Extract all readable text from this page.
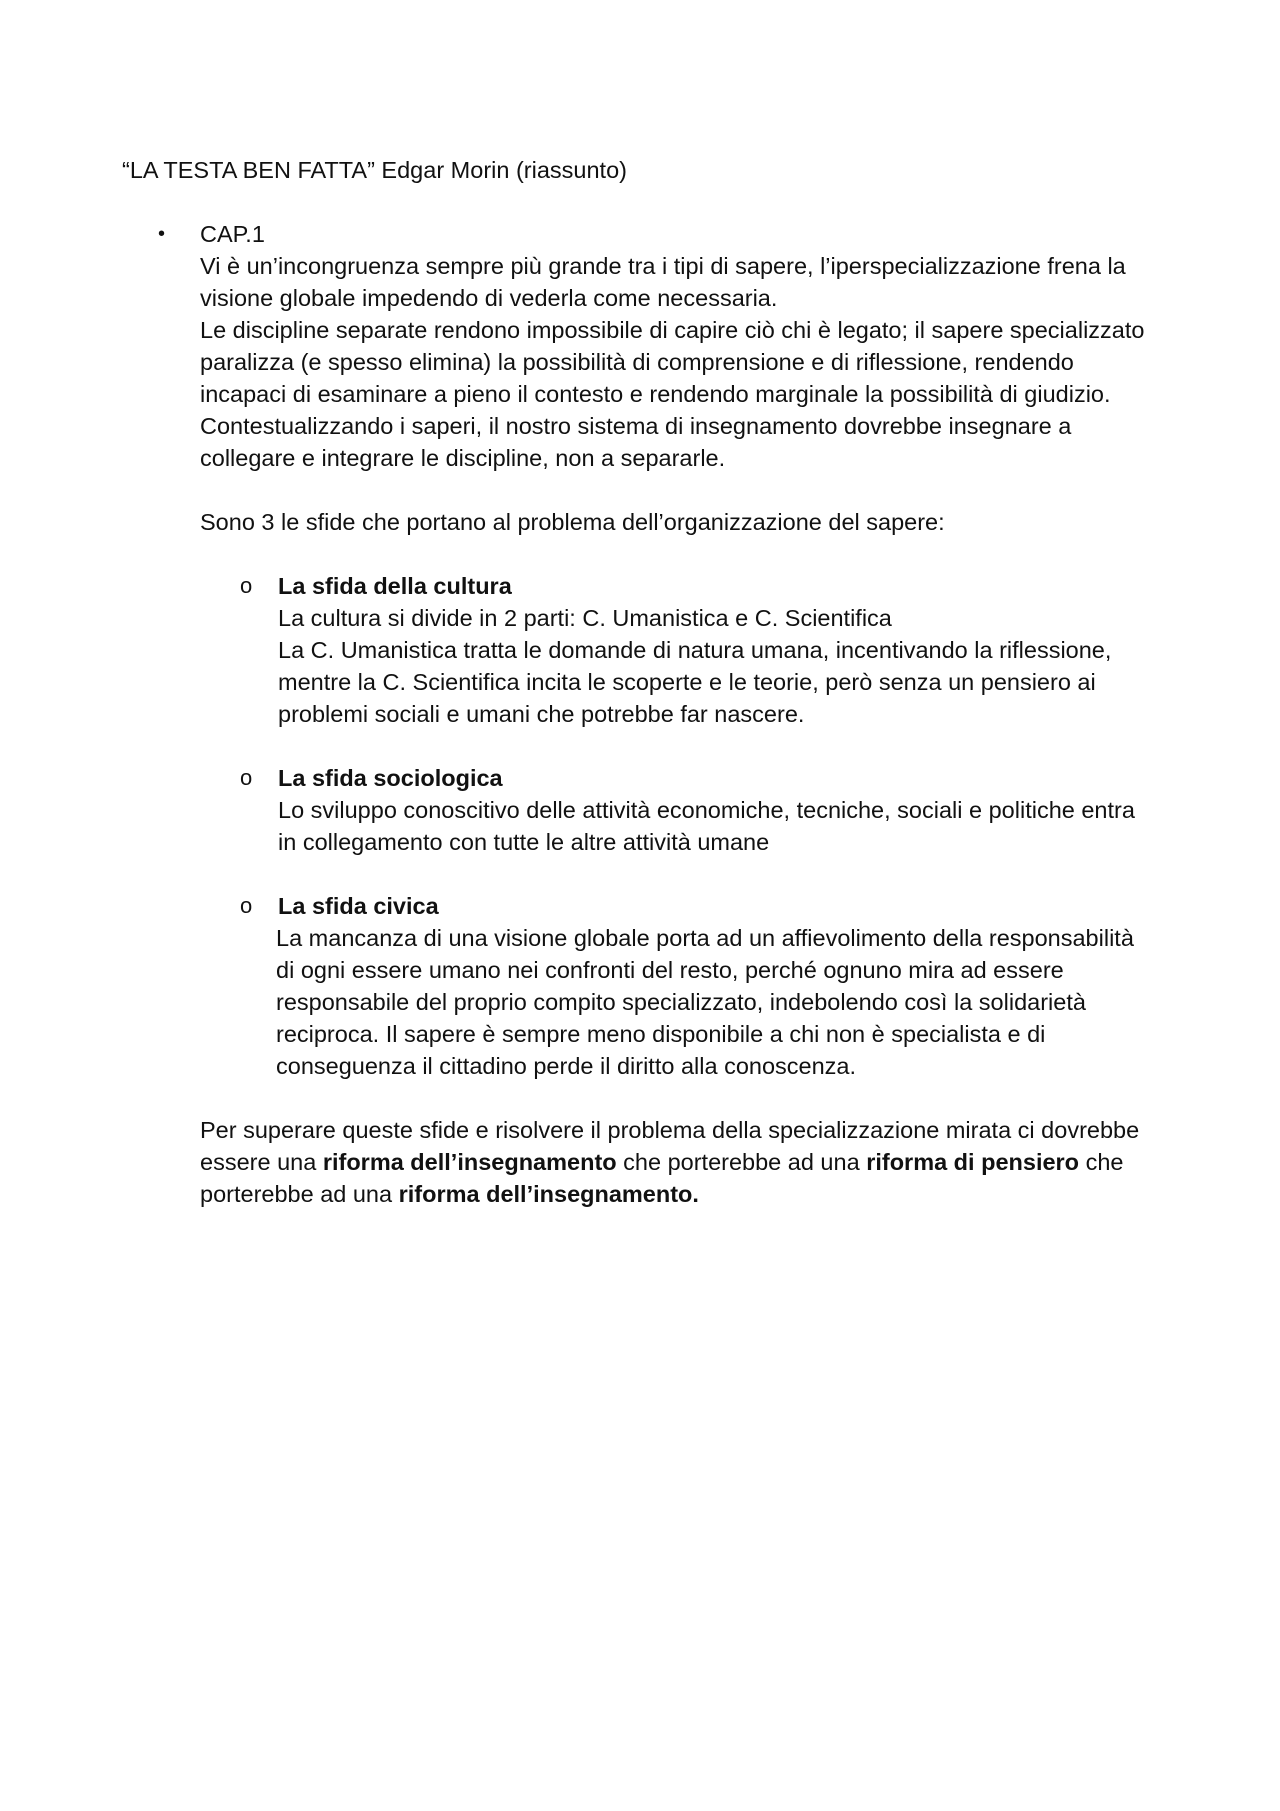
“LA TESTA BEN FATTA” Edgar Morin (riassunto)
• CAP.1

Vi è un’incongruenza sempre più grande tra i tipi di sapere, l’iperspecializzazione frena la
visione globale impedendo di vederla come necessaria.
Le discipline separate rendono impossibile di capire ciò chi è legato; il sapere specializzato
paralizza (e spesso elimina) la possibilità di comprensione e di riflessione, rendendo
incapaci di esaminare a pieno il contesto e rendendo marginale la possibilità di giudizio.
Contestualizzando i saperi, il nostro sistema di insegnamento dovrebbe insegnare a
collegare e integrare le discipline, non a separarle.

Sono 3 le sfide che portano al problema dell’organizzazione del sapere:

o La sfida della cultura
La cultura si divide in 2 parti: C. Umanistica e C. Scientifica
La C. Umanistica tratta le domande di natura umana, incentivando la riflessione,
mentre la C. Scientifica incita le scoperte e le teorie, però senza un pensiero ai
problemi sociali e umani che potrebbe far nascere.
o La sfida sociologica
Lo sviluppo conoscitivo delle attività economiche, tecniche, sociali e politiche entra
in collegamento con tutte le altre attività umane
o La sfida civica
La mancanza di una visione globale porta ad un affievolimento della responsabilità
di ogni essere umano nei confronti del resto, perché ognuno mira ad essere
responsabile del proprio compito specializzato, indebolendo così la solidarietà
reciproca. Il sapere è sempre meno disponibile a chi non è specialista e di
conseguenza il cittadino perde il diritto alla conoscenza.

Per superare queste sfide e risolvere il problema della specializzazione mirata ci dovrebbe
essere una riforma dell’insegnamento che porterebbe ad una riforma di pensiero che
porterebbe ad una riforma dell’insegnamento.
